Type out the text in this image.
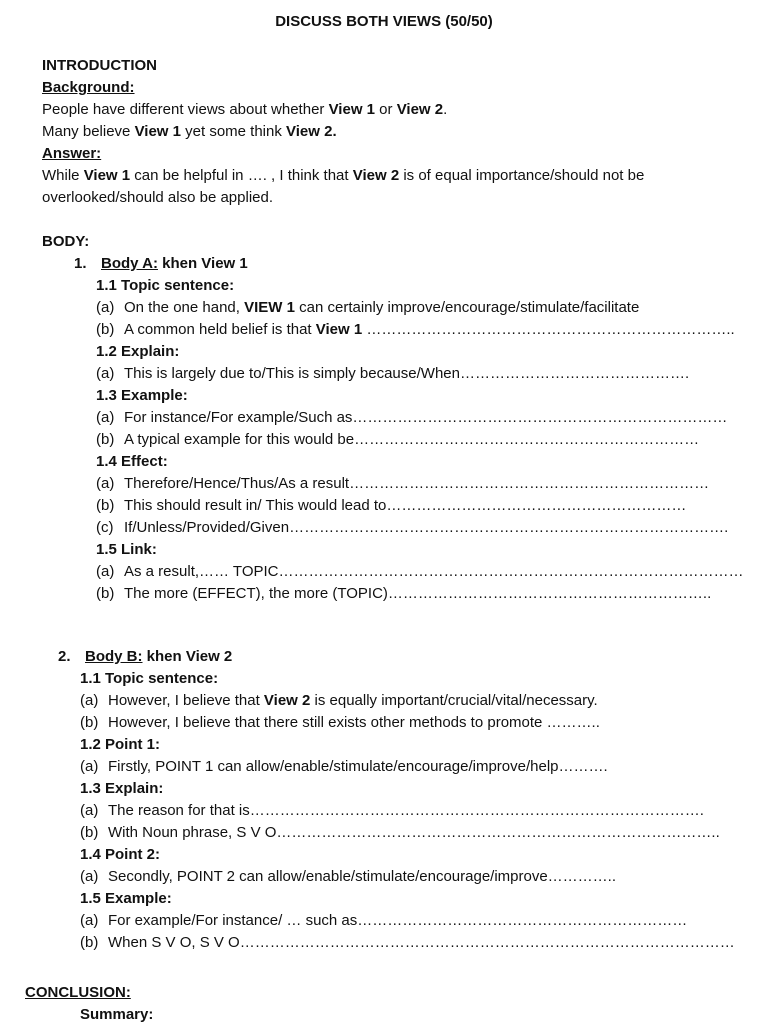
DISCUSS BOTH VIEWS (50/50)
INTRODUCTION
Background:
People have different views about whether View 1 or View 2.
Many believe View 1 yet some think View 2.
Answer:
While View 1 can be helpful in …. , I think that View 2 is of equal importance/should not be
overlooked/should also be applied.
BODY:
1. Body A: khen View 1
1.1 Topic sentence:
(a) On the one hand, VIEW 1 can certainly improve/encourage/stimulate/facilitate
(b) A common held belief is that View 1 ………………………………………………………………..
1.2 Explain:
(a) This is largely due to/This is simply because/When……………………………………….
1.3 Example:
(a) For instance/For example/Such as…………………………………………………………………
(b) A typical example for this would be……………………………………………………………
1.4 Effect:
(a) Therefore/Hence/Thus/As a result………………………………………………………………
(b) This should result in/ This would lead to……………………………………………………
(c) If/Unless/Provided/Given…………………………………………………………………………….
1.5 Link:
(a) As a result,…… TOPIC…………………………………………………………………………………
(b) The more (EFFECT), the more (TOPIC)………………………………………………………..
2. Body B: khen View 2
1.1 Topic sentence:
(a) However, I believe that View 2 is equally important/crucial/vital/necessary.
(b) However, I believe that there still exists other methods to promote ………..
1.2 Point 1:
(a) Firstly, POINT 1 can allow/enable/stimulate/encourage/improve/help……….
1.3 Explain:
(a) The reason for that is……………………………………………………………………………….
(b) With Noun phrase, S V O……………………………………………………………………………..
1.4 Point 2:
(a) Secondly, POINT 2 can allow/enable/stimulate/encourage/improve…………..
1.5 Example:
(a) For example/For instance/ … such as…………………………………………………………
(b) When S V O, S V O………………………………………………………………………………………
CONCLUSION:
Summary:
